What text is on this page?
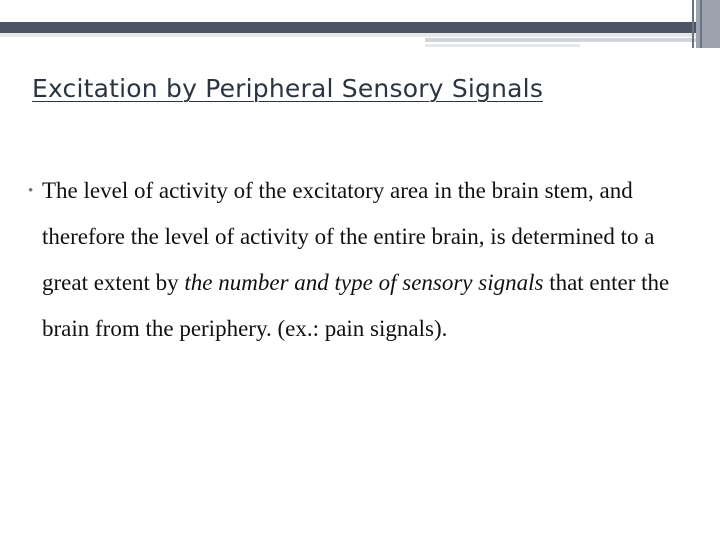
Excitation by Peripheral Sensory Signals
• The level of activity of the excitatory area in the brain stem, and therefore the level of activity of the entire brain, is determined to a great extent by the number and type of sensory signals that enter the brain from the periphery. (ex.: pain signals).
